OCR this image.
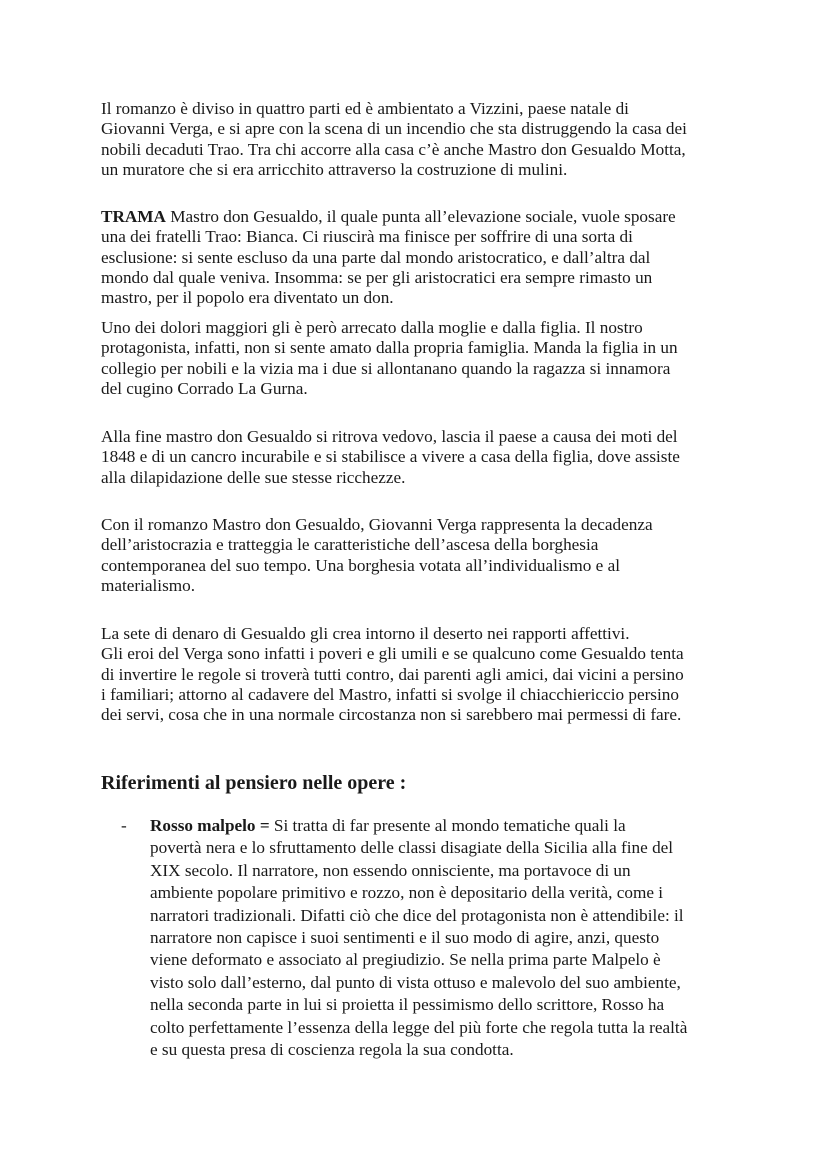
Il romanzo è diviso in quattro parti ed è ambientato a Vizzini, paese natale di
Giovanni Verga, e si apre con la scena di un incendio che sta distruggendo la casa dei
nobili decaduti Trao. Tra chi accorre alla casa c’è anche Mastro don Gesualdo Motta,
un muratore che si era arricchito attraverso la costruzione di mulini.

TRAMA Mastro don Gesualdo, il quale punta all’elevazione sociale, vuole sposare
una dei fratelli Trao: Bianca. Ci riuscirà ma finisce per soffrire di una sorta di
esclusione: si sente escluso da una parte dal mondo aristocratico, e dall’altra dal
mondo dal quale veniva. Insomma: se per gli aristocratici era sempre rimasto un
mastro, per il popolo era diventato un don.

Uno dei dolori maggiori gli è però arrecato dalla moglie e dalla figlia. Il nostro
protagonista, infatti, non si sente amato dalla propria famiglia. Manda la figlia in un
collegio per nobili e la vizia ma i due si allontanano quando la ragazza si innamora
del cugino Corrado La Gurna.

Alla fine mastro don Gesualdo si ritrova vedovo, lascia il paese a causa dei moti del
1848 e di un cancro incurabile e si stabilisce a vivere a casa della figlia, dove assiste
alla dilapidazione delle sue stesse ricchezze.

Con il romanzo Mastro don Gesualdo, Giovanni Verga rappresenta la decadenza
dell’aristocrazia e tratteggia le caratteristiche dell’ascesa della borghesia
contemporanea del suo tempo. Una borghesia votata all’individualismo e al
materialismo.

La sete di denaro di Gesualdo gli crea intorno il deserto nei rapporti affettivi.
Gli eroi del Verga sono infatti i poveri e gli umili e se qualcuno come Gesualdo tenta
di invertire le regole si troverà tutti contro, dai parenti agli amici, dai vicini a persino
i familiari; attorno al cadavere del Mastro, infatti si svolge il chiacchiericcio persino
dei servi, cosa che in una normale circostanza non si sarebbero mai permessi di fare.

Riferimenti al pensiero nelle opere :
- Rosso malpelo = Si tratta di far presente al mondo tematiche quali la
povertà nera e lo sfruttamento delle classi disagiate della Sicilia alla fine del
XIX secolo. Il narratore, non essendo onnisciente, ma portavoce di un
ambiente popolare primitivo e rozzo, non è depositario della verità, come i
narratori tradizionali. Difatti ciò che dice del protagonista non è attendibile: il
narratore non capisce i suoi sentimenti e il suo modo di agire, anzi, questo
viene deformato e associato al pregiudizio. Se nella prima parte Malpelo è
visto solo dall’esterno, dal punto di vista ottuso e malevolo del suo ambiente,
nella seconda parte in lui si proietta il pessimismo dello scrittore, Rosso ha
colto perfettamente l’essenza della legge del più forte che regola tutta la realtà
e su questa presa di coscienza regola la sua condotta.
